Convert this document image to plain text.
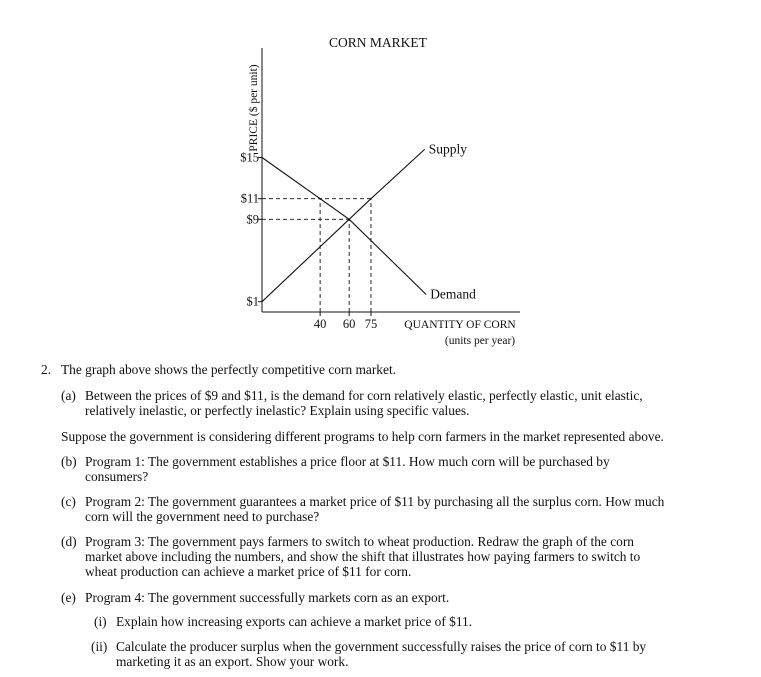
CORN MARKET
PRICE ($ per unit)
$15
$11
$9
$1
40 60 75
Supply
Demand
QUANTITY OF CORN
(units per year)
2. The graph above shows the perfectly competitive corn market.
(a) Between the prices of $9 and $11, is the demand for corn relatively elastic, perfectly elastic, unit elastic,
relatively inelastic, or perfectly inelastic? Explain using specific values.
Suppose the government is considering different programs to help corn farmers in the market represented above.
(b) Program 1: The government establishes a price floor at $11. How much corn will be purchased by
consumers?
(c) Program 2: The government guarantees a market price of $11 by purchasing all the surplus corn. How much
corn will the government need to purchase?
(d) Program 3: The government pays farmers to switch to wheat production. Redraw the graph of the corn
market above including the numbers, and show the shift that illustrates how paying farmers to switch to
wheat production can achieve a market price of $11 for corn.
(e) Program 4: The government successfully markets corn as an export.
(i) Explain how increasing exports can achieve a market price of $11.
(ii) Calculate the producer surplus when the government successfully raises the price of corn to $11 by
marketing it as an export. Show your work.
